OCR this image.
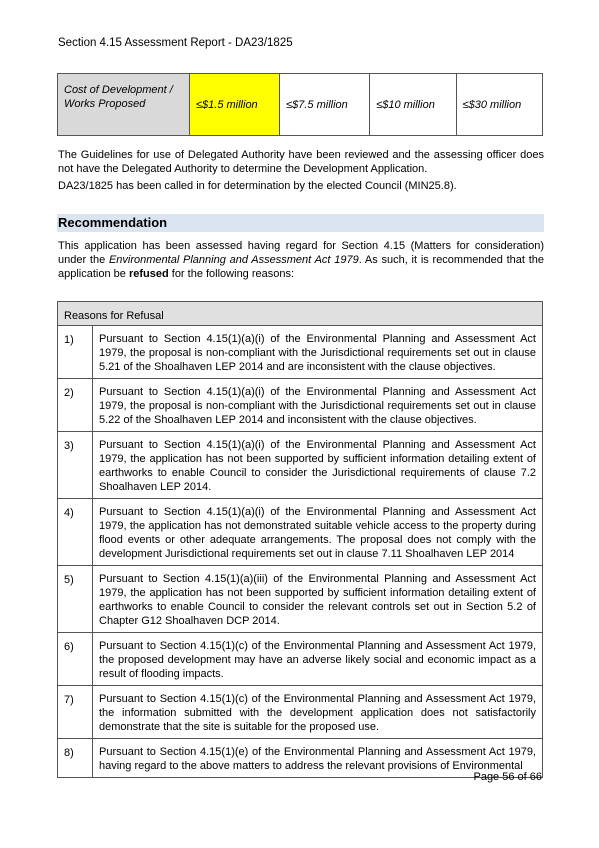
Section 4.15 Assessment Report - DA23/1825
Cost of Development / Works Proposed	≤$1.5 million	≤$7.5 million	≤$10 million	≤$30 million
The Guidelines for use of Delegated Authority have been reviewed and the assessing officer does not have the Delegated Authority to determine the Development Application.
DA23/1825 has been called in for determination by the elected Council (MIN25.8).
Recommendation
This application has been assessed having regard for Section 4.15 (Matters for consideration) under the Environmental Planning and Assessment Act 1979. As such, it is recommended that the application be refused for the following reasons:
Reasons for Refusal	
1)	Pursuant to Section 4.15(1)(a)(i) of the Environmental Planning and Assessment Act 1979, the proposal is non-compliant with the Jurisdictional requirements set out in clause 5.21 of the Shoalhaven LEP 2014 and are inconsistent with the clause objectives.
2)	Pursuant to Section 4.15(1)(a)(i) of the Environmental Planning and Assessment Act 1979, the proposal is non-compliant with the Jurisdictional requirements set out in clause 5.22 of the Shoalhaven LEP 2014 and inconsistent with the clause objectives.
3)	Pursuant to Section 4.15(1)(a)(i) of the Environmental Planning and Assessment Act 1979, the application has not been supported by sufficient information detailing extent of earthworks to enable Council to consider the Jurisdictional requirements of clause 7.2 Shoalhaven LEP 2014.
4)	Pursuant to Section 4.15(1)(a)(i) of the Environmental Planning and Assessment Act 1979, the application has not demonstrated suitable vehicle access to the property during flood events or other adequate arrangements. The proposal does not comply with the development Jurisdictional requirements set out in clause 7.11 Shoalhaven LEP 2014
5)	Pursuant to Section 4.15(1)(a)(iii) of the Environmental Planning and Assessment Act 1979, the application has not been supported by sufficient information detailing extent of earthworks to enable Council to consider the relevant controls set out in Section 5.2 of Chapter G12 Shoalhaven DCP 2014.
6)	Pursuant to Section 4.15(1)(c) of the Environmental Planning and Assessment Act 1979, the proposed development may have an adverse likely social and economic impact as a result of flooding impacts.
7)	Pursuant to Section 4.15(1)(c) of the Environmental Planning and Assessment Act 1979, the information submitted with the development application does not satisfactorily demonstrate that the site is suitable for the proposed use.
8)	Pursuant to Section 4.15(1)(e) of the Environmental Planning and Assessment Act 1979, having regard to the above matters to address the relevant provisions of Environmental
Page 56 of 66
